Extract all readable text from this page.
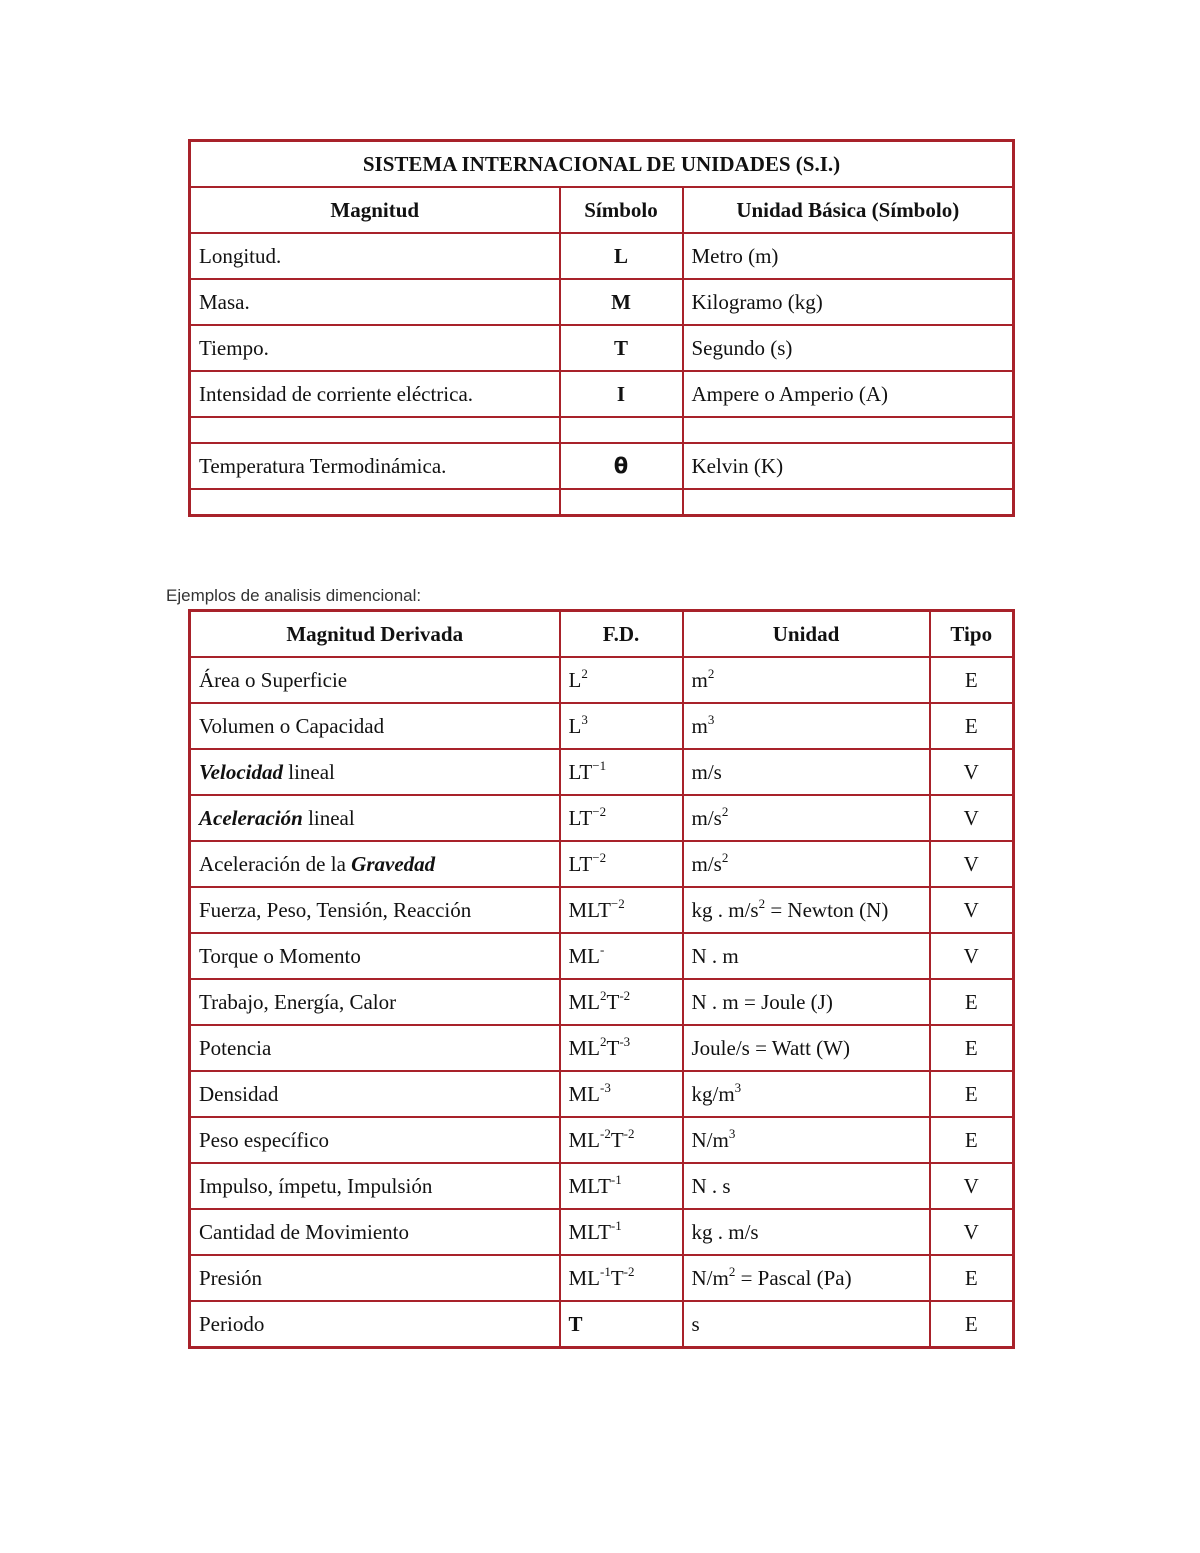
SISTEMA INTERNACIONAL DE UNIDADES (S.I.)		
Magnitud	Símbolo	Unidad Básica (Símbolo)
Longitud.	L	Metro (m)
Masa.	M	Kilogramo (kg)
Tiempo.	T	Segundo (s)
Intensidad de corriente eléctrica.	I	Ampere o Amperio (A)

Temperatura Termodinámica.	θ	Kelvin (K)

Ejemplos de analisis dimencional:
Magnitud Derivada	F.D.	Unidad	Tipo
Área o Superficie	$L^2$	$m^2$	E
Volumen o Capacidad	$L^3$	$m^3$	E
Velocidad lineal	$LT^{-1}$	m/s	V
Aceleración lineal	$LT^{-2}$	$m/s^2$	V
Aceleración de la Gravedad	$LT^{-2}$	$m/s^2$	V
Fuerza, Peso, Tensión, Reacción	$MLT^{-2}$	kg . $m/s^2$ = Newton (N)	V
Torque o Momento	ML-	N . m	V
Trabajo, Energía, Calor	$ML^2T^{-2}$	N . m = Joule (J)	E
Potencia	$ML^2T^{-3}$	Joule/s = Watt (W)	E
Densidad	$ML^{-3}$	$kg/m^3$	E
Peso específico	$ML^{-2}T^{-2}$	$N/m^3$	E
Impulso, ímpetu, Impulsión	$MLT^{-1}$	N . s	V
Cantidad de Movimiento	$MLT^{-1}$	kg . m/s	V
Presión	$ML^{-1}T^{-2}$	$N/m^2$ = Pascal (Pa)	E
Periodo	T	s	E
